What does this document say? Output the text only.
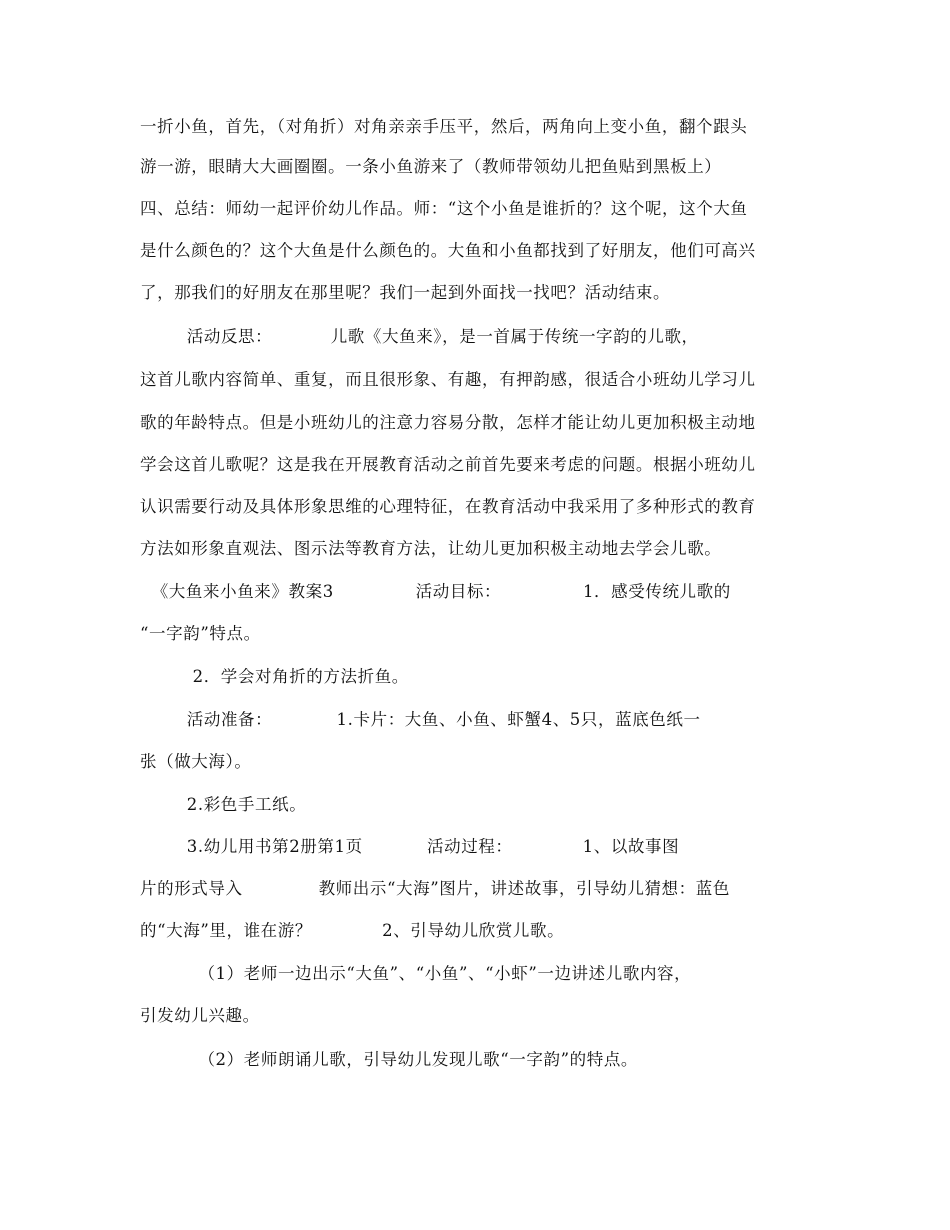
一折小鱼，首先，（对角折）对角亲亲手压平，然后，两角向上变小鱼，翻个跟头
游一游，眼睛大大画圈圈。一条小鱼游来了（教师带领幼儿把鱼贴到黑板上）
四、总结：师幼一起评价幼儿作品。师：“这个小鱼是谁折的？这个呢，这个大鱼
是什么颜色的？这个大鱼是什么颜色的。大鱼和小鱼都找到了好朋友，他们可高兴
了，那我们的好朋友在那里呢？我们一起到外面找一找吧？活动结束。
活动反思：          儿歌《大鱼来》，是一首属于传统一字韵的儿歌，
这首儿歌内容简单、重复，而且很形象、有趣，有押韵感，很适合小班幼儿学习儿
歌的年龄特点。但是小班幼儿的注意力容易分散，怎样才能让幼儿更加积极主动地
学会这首儿歌呢？这是我在开展教育活动之前首先要来考虑的问题。根据小班幼儿
认识需要行动及具体形象思维的心理特征，在教育活动中我采用了多种形式的教育
方法如形象直观法、图示法等教育方法，让幼儿更加积极主动地去学会儿歌。
《大鱼来小鱼来》教案3              活动目标：              1．感受传统儿歌的
“一字韵”特点。
2．学会对角折的方法折鱼。
活动准备：           1.卡片：大鱼、小鱼、虾蟹4、5只，蓝底色纸一
张（做大海）。
2.彩色手工纸。
3.幼儿用书第2册第1页           活动过程：            1、以故事图
片的形式导入             教师出示“大海”图片，讲述故事，引导幼儿猜想：蓝色
的“大海”里，谁在游？            2、引导幼儿欣赏儿歌。
（1）老师一边出示“大鱼”、“小鱼”、“小虾”一边讲述儿歌内容，
引发幼儿兴趣。
（2）老师朗诵儿歌，引导幼儿发现儿歌“一字韵”的特点。
